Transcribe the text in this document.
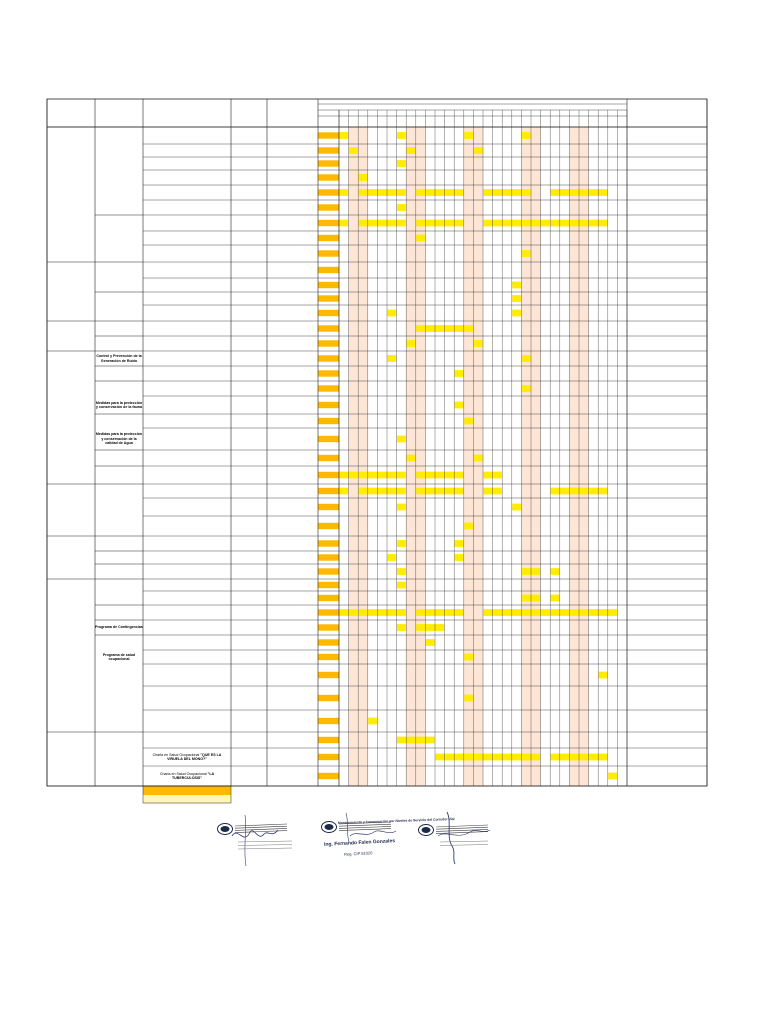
Control y Prevención de la Generación de Ruido
Medidas para la protección y conservación de la fauna
Medidas para la protección y conservación de la calidad de Agua
Programa de Contingencias
Programa de salud ocupacional
Charla en Salud Ocupacional "QUE ES LA VIRUELA DEL MONO?"
Charla en Salud Ocupacional "LA TUBERCULOSIS"
Mantenimiento y Conservación por Niveles de Servicio del Corredor Vial
Ing. Fernando Falen Gonzales
Reg. CIP 81020
